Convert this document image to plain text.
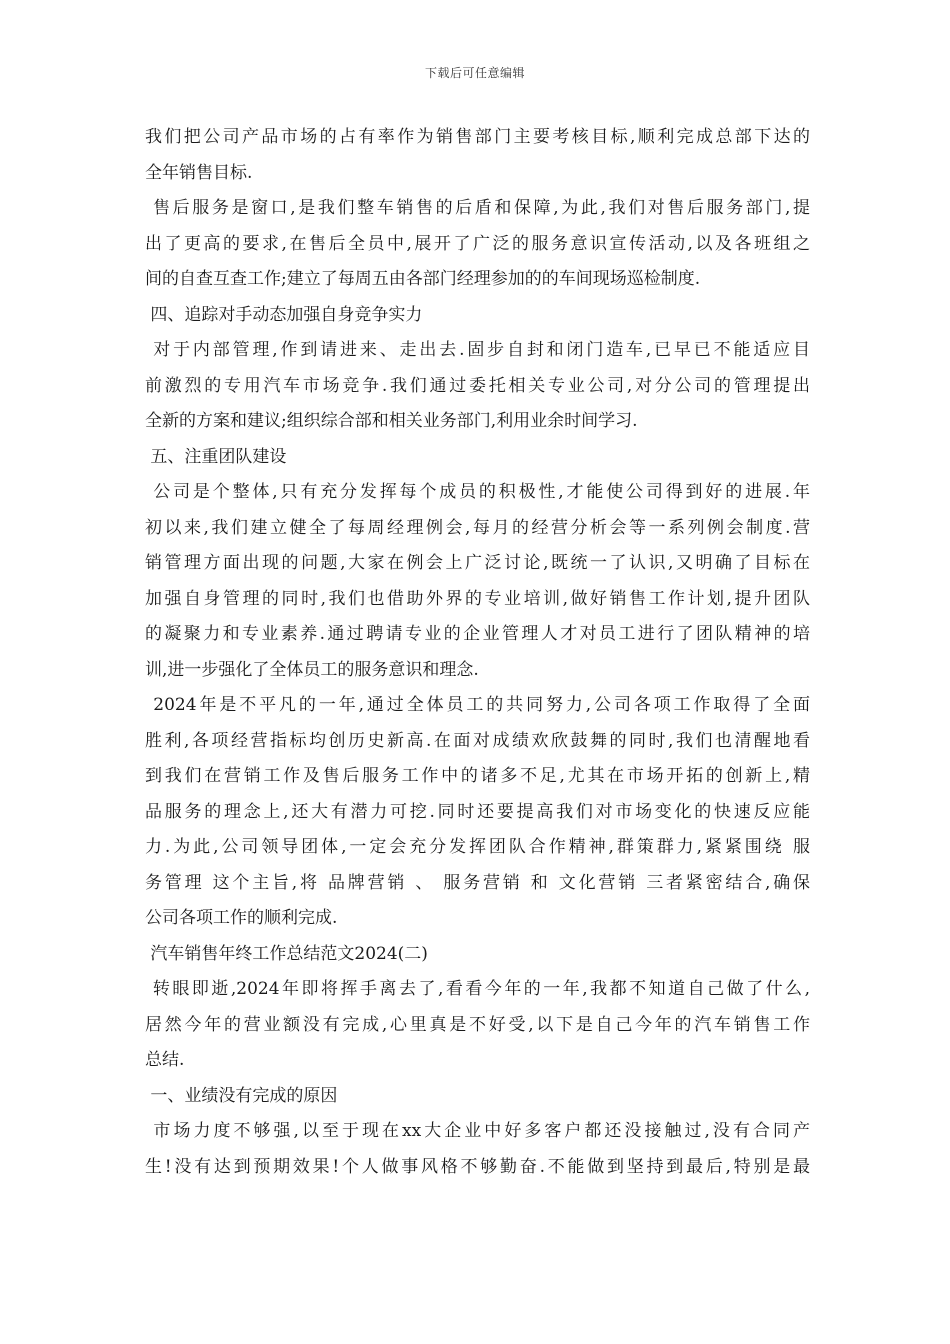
下载后可任意编辑
我们把公司产品市场的占有率作为销售部门主要考核目标,顺利完成总部下达的
全年销售目标.
售后服务是窗口,是我们整车销售的后盾和保障,为此,我们对售后服务部门,提
出了更高的要求,在售后全员中,展开了广泛的服务意识宣传活动,以及各班组之
间的自查互查工作;建立了每周五由各部门经理参加的的车间现场巡检制度.
四、追踪对手动态加强自身竞争实力
对于内部管理,作到请进来、走出去.固步自封和闭门造车,已早已不能适应目
前激烈的专用汽车市场竞争.我们通过委托相关专业公司,对分公司的管理提出
全新的方案和建议;组织综合部和相关业务部门,利用业余时间学习.
五、注重团队建设
公司是个整体,只有充分发挥每个成员的积极性,才能使公司得到好的进展.年
初以来,我们建立健全了每周经理例会,每月的经营分析会等一系列例会制度.营
销管理方面出现的问题,大家在例会上广泛讨论,既统一了认识,又明确了目标在
加强自身管理的同时,我们也借助外界的专业培训,做好销售工作计划,提升团队
的凝聚力和专业素养.通过聘请专业的企业管理人才对员工进行了团队精神的培
训,进一步强化了全体员工的服务意识和理念.
2024年是不平凡的一年,通过全体员工的共同努力,公司各项工作取得了全面
胜利,各项经营指标均创历史新高.在面对成绩欢欣鼓舞的同时,我们也清醒地看
到我们在营销工作及售后服务工作中的诸多不足,尤其在市场开拓的创新上,精
品服务的理念上,还大有潜力可挖.同时还要提高我们对市场变化的快速反应能
力.为此,公司领导团体,一定会充分发挥团队合作精神,群策群力,紧紧围绕 服
务管理 这个主旨,将 品牌营销 、 服务营销 和 文化营销 三者紧密结合,确保
公司各项工作的顺利完成.
汽车销售年终工作总结范文2024(二)
转眼即逝,2024年即将挥手离去了,看看今年的一年,我都不知道自己做了什么,
居然今年的营业额没有完成,心里真是不好受,以下是自己今年的汽车销售工作
总结.
一、业绩没有完成的原因
市场力度不够强,以至于现在xx大企业中好多客户都还没接触过,没有合同产
生!没有达到预期效果!个人做事风格不够勤奋.不能做到坚持到最后,特别是最
